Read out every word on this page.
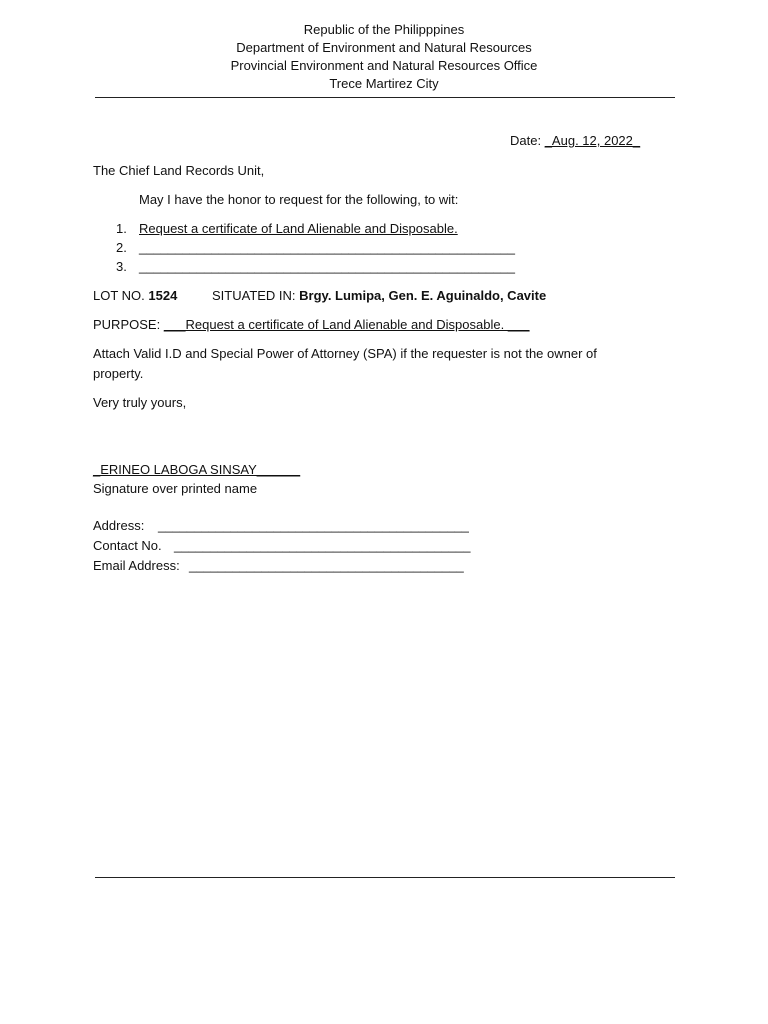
Republic of the Philipppines
Department of Environment and Natural Resources
Provincial Environment and Natural Resources Office
Trece Martirez City
Date: _Aug. 12, 2022_
The Chief Land Records Unit,
May I have the honor to request for the following, to wit:
1. Request a certificate of Land Alienable and Disposable.
2. ____________________________________________________
3. ____________________________________________________
LOT NO. 1524	SITUATED IN: Brgy. Lumipa, Gen. E. Aguinaldo, Cavite
PURPOSE: ___Request a certificate of Land Alienable and Disposable. ___
Attach Valid I.D and Special Power of Attorney (SPA) if the requester is not the owner of
property.
Very truly yours,
_ERINEO LABOGA SINSAY______
Signature over printed name
Address: ___________________________________________
Contact No. _________________________________________
Email Address: ______________________________________
